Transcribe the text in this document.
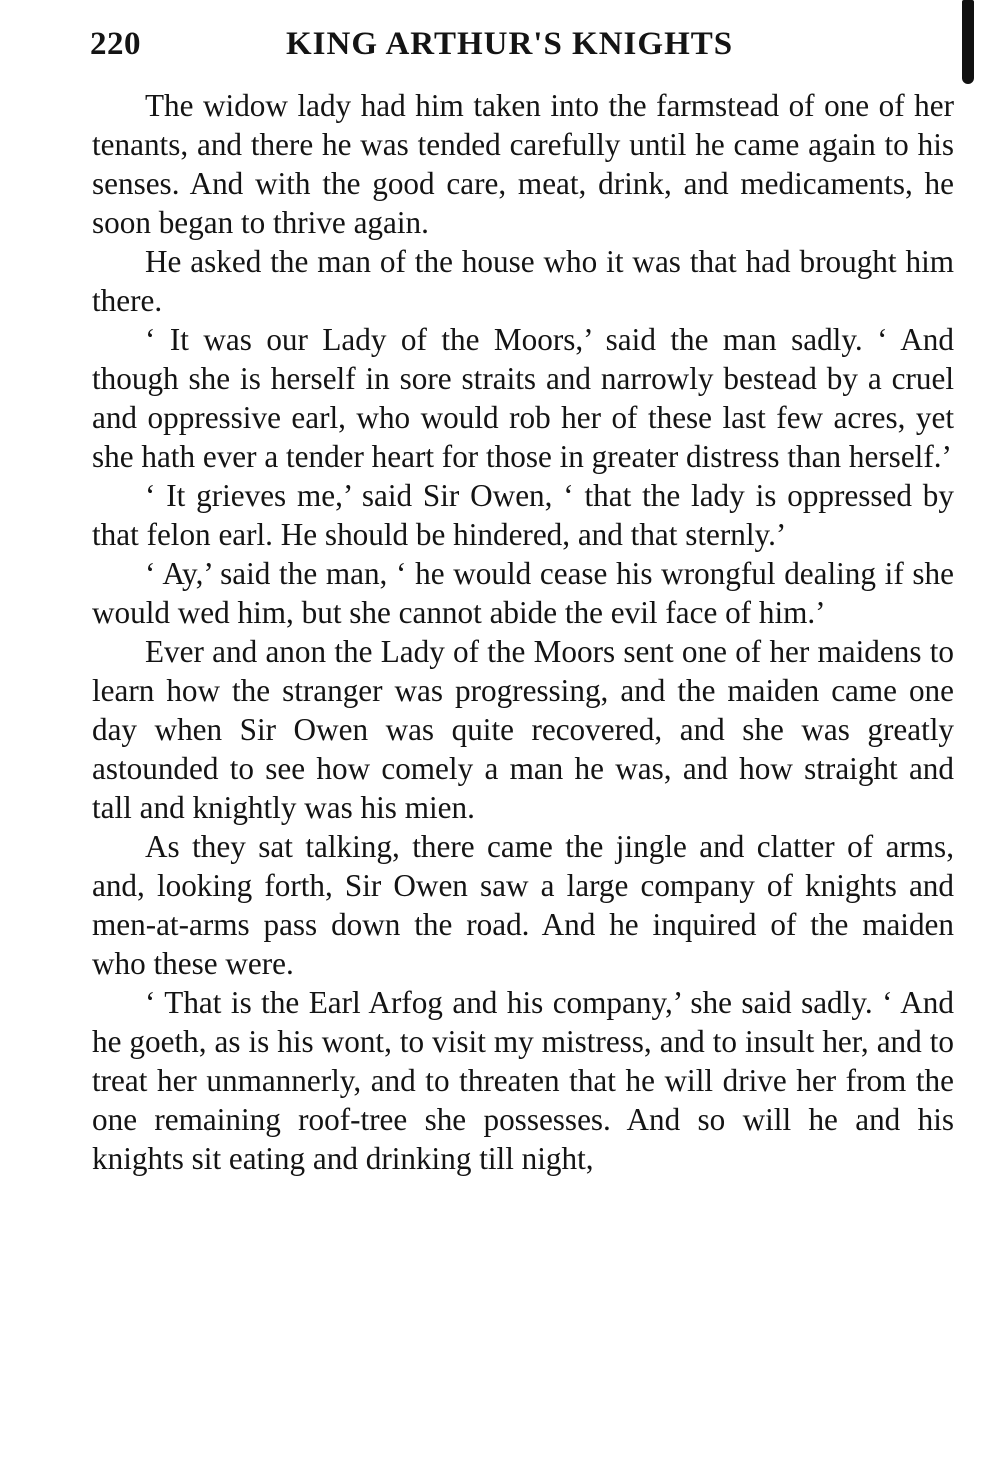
220	KING ARTHUR'S KNIGHTS

The widow lady had him taken into the farmstead of one of her tenants, and there he was tended carefully until he came again to his senses. And with the good care, meat, drink, and medicaments, he soon began to thrive again.

He asked the man of the house who it was that had brought him there.

‘ It was our Lady of the Moors,’ said the man sadly. ‘ And though she is herself in sore straits and narrowly bestead by a cruel and oppressive earl, who would rob her of these last few acres, yet she hath ever a tender heart for those in greater distress than herself.’

‘ It grieves me,’ said Sir Owen, ‘ that the lady is oppressed by that felon earl. He should be hindered, and that sternly.’

‘ Ay,’ said the man, ‘ he would cease his wrongful dealing if she would wed him, but she cannot abide the evil face of him.’

Ever and anon the Lady of the Moors sent one of her maidens to learn how the stranger was progressing, and the maiden came one day when Sir Owen was quite recovered, and she was greatly astounded to see how comely a man he was, and how straight and tall and knightly was his mien.

As they sat talking, there came the jingle and clatter of arms, and, looking forth, Sir Owen saw a large company of knights and men-at-arms pass down the road. And he inquired of the maiden who these were.

‘ That is the Earl Arfog and his company,’ she said sadly. ‘ And he goeth, as is his wont, to visit my mistress, and to insult her, and to treat her unmannerly, and to threaten that he will drive her from the one remaining roof-tree she possesses. And so will he and his knights sit eating and drinking till night,
